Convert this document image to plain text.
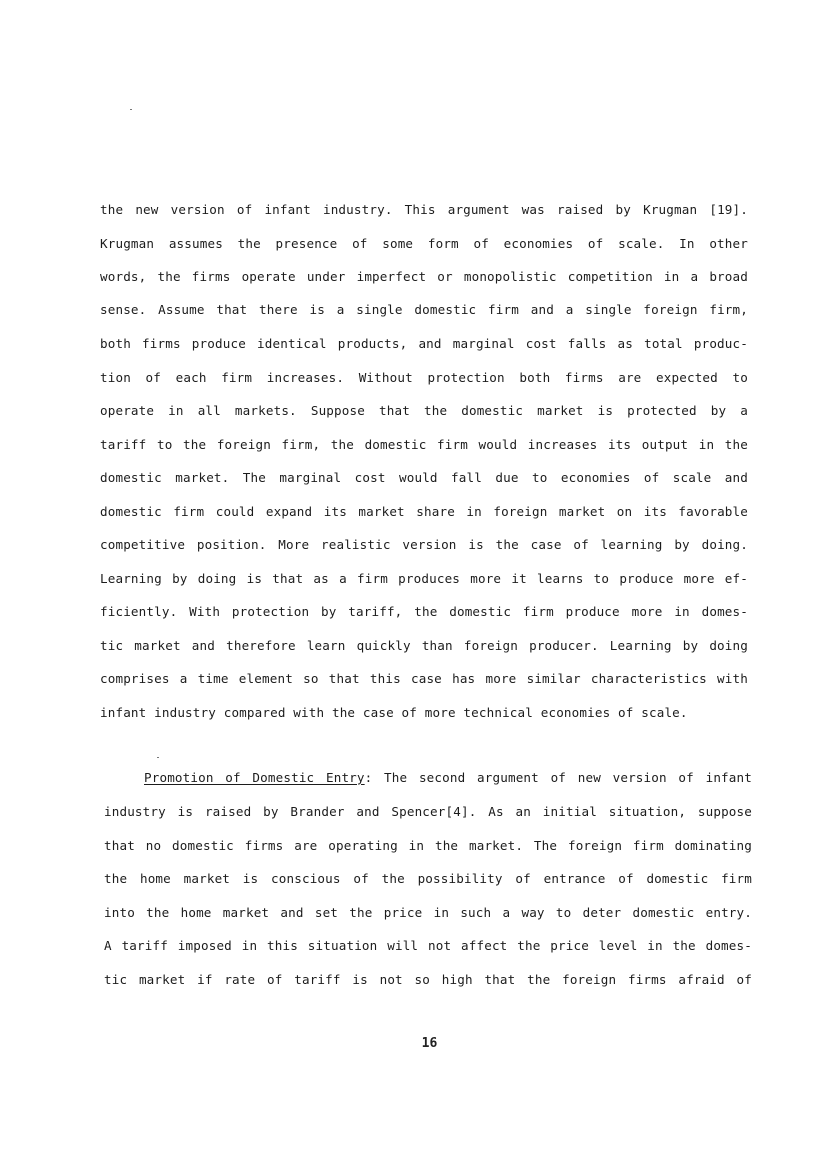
the new version of infant industry. This argument was raised by Krugman [19].
Krugman assumes the presence of some form of economies of scale. In other
words, the firms operate under imperfect or monopolistic competition in a broad
sense. Assume that there is a single domestic firm and a single foreign firm,
both firms produce identical products, and marginal cost falls as total produc-
tion of each firm increases. Without protection both firms are expected to
operate in all markets. Suppose that the domestic market is protected by a
tariff to the foreign firm, the domestic firm would increases its output in the
domestic market. The marginal cost would fall due to economies of scale and
domestic firm could expand its market share in foreign market on its favorable
competitive position. More realistic version is the case of learning by doing.
Learning by doing is that as a firm produces more it learns to produce more ef-
ficiently. With protection by tariff, the domestic firm produce more in domes-
tic market and therefore learn quickly than foreign producer. Learning by doing
comprises a time element so that this case has more similar characteristics with
infant industry compared with the case of more technical economies of scale.
Promotion of Domestic Entry: The second argument of new version of infant
industry is raised by Brander and Spencer[4]. As an initial situation, suppose
that no domestic firms are operating in the market. The foreign firm dominating
the home market is conscious of the possibility of entrance of domestic firm
into the home market and set the price in such a way to deter domestic entry.
A tariff imposed in this situation will not affect the price level in the domes-
tic market if rate of tariff is not so high that the foreign firms afraid of
16
